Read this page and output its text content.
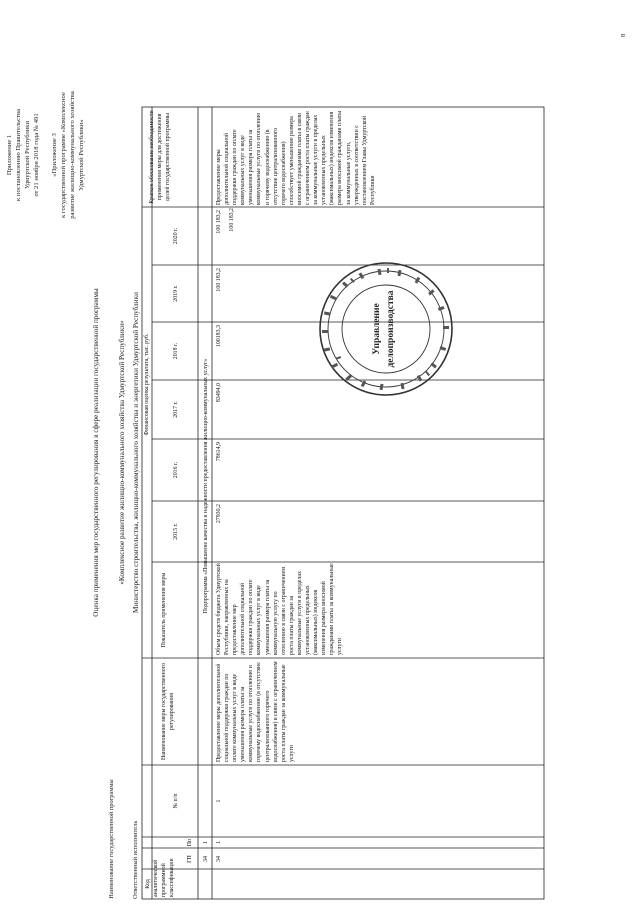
Приложение 1 к постановлению Правительства Удмуртской Республики от 21 ноября 2018 года № 491
«Приложение 3 к государственной программе «Комплексное развитие жилищно-коммунального хозяйства Удмуртской Республики»
Оценка применения мер государственного регулирования в сфере реализации государственной программы	«Комплексное развитие жилищно-коммунального хозяйства Удмуртской Республики»
Наименование государственной программы	Ответственный исполнитель
Министерство строительства, жилищно-коммунального хозяйства и энергетики Удмуртской Республики
Код аналитической программной классификации ГП
Пп
№ п/п
Наименование меры государственного регулирования
Показатель применения меры
Финансовая оценка результата, тыс. руб.
Краткое обоснование необходимости применения меры для достижения целей государственной программы
2015 г.
2016 г.
2017 г.
2018 г.
2019 г.
2020 г.
34
1
Подпрограмма «Повышение качества и надежности предоставления жилищно-коммунальных услуг»
34
1
1
Предоставление меры дополнительной социальной поддержки граждан по оплате коммунальных услуг в виде уменьшения размера платы за коммунальные услуги по отоплению и горячему водоснабжению (в отсутствие централизованного горячего водоснабжения) в связи с ограничением роста платы граждан за коммунальные услуги
Объем средств бюджета Удмуртской Республики, направленных на предоставление мер дополнительной социальной поддержки граждан по оплате коммунальных услуг в виде уменьшения размера платы за коммунальную услугу по отоплению в связи с ограничением роста платы граждан за коммунальные услуги в пределах установленных предельных (максимальных) индексов изменения размера вносимой гражданами платы за коммунальные услуги
27930,2
78614,9
83494,0
100183,3
100 183,2
100 183,2 100 183,2
Предоставление меры дополнительной социальной поддержки граждан по оплате коммунальных услуг в виде уменьшения размера платы за коммунальные услуги по отоплению и горячему водоснабжению (в отсутствие централизованного горячего водоснабжения) способствует уменьшению размера вносимой гражданами платы в связи с ограничением роста платы граждан за коммунальные услуги в пределах установленных предельных (максимальных) индексов изменения размера вносимой гражданами платы за коммунальные услуги, утвержденных в соответствии с постановлением Главы Удмуртской Республики
Управление делопроизводства
8
